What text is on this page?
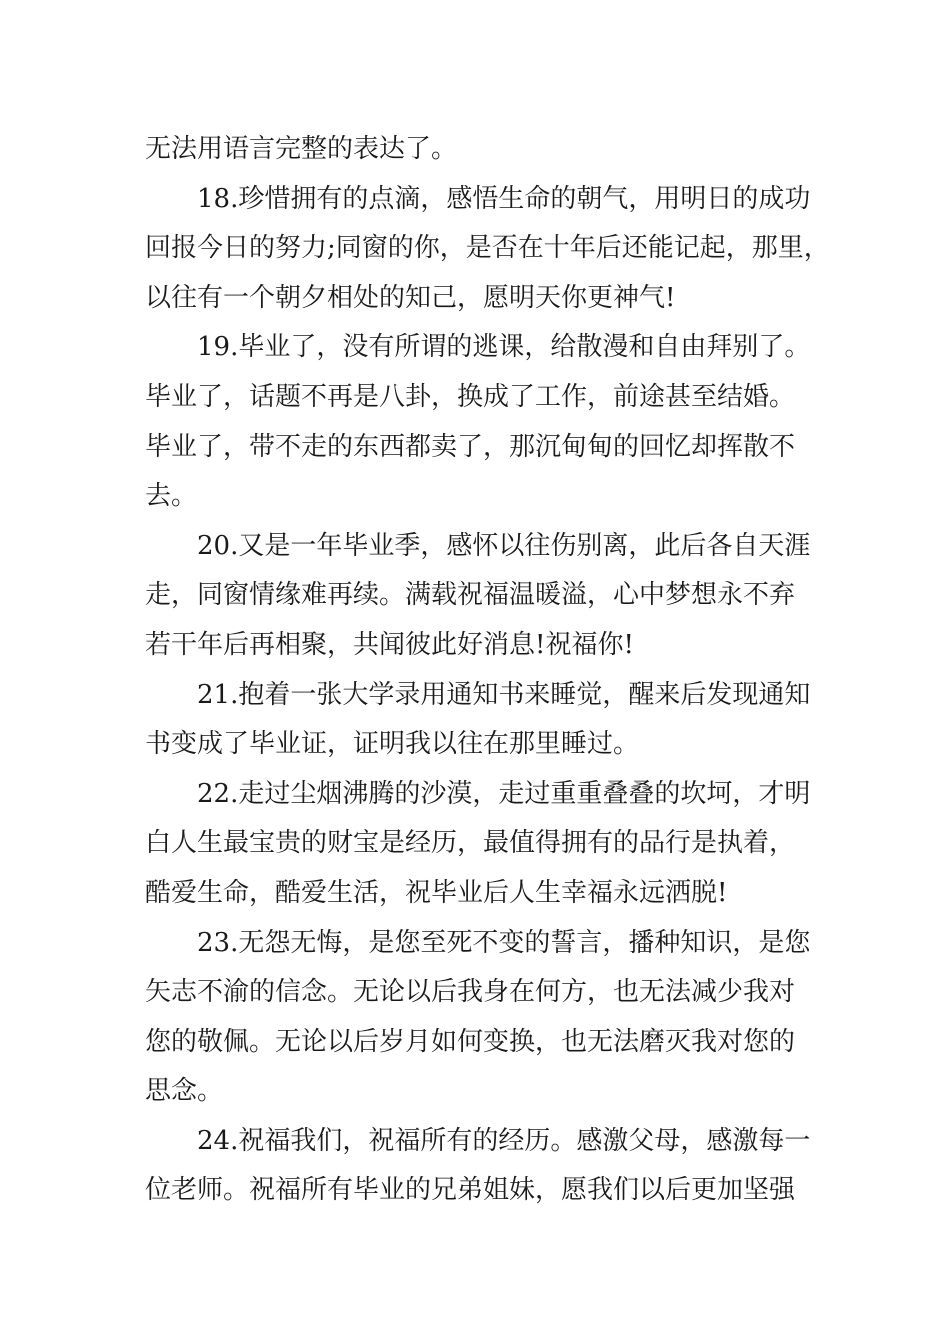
无法用语言完整的表达了。

18.珍惜拥有的点滴，感悟生命的朝气，用明日的成功
回报今日的努力;同窗的你，是否在十年后还能记起，那里，
以往有一个朝夕相处的知己，愿明天你更神气!

19.毕业了，没有所谓的逃课，给散漫和自由拜别了。
毕业了，话题不再是八卦，换成了工作，前途甚至结婚。
毕业了，带不走的东西都卖了，那沉甸甸的回忆却挥散不
去。

20.又是一年毕业季，感怀以往伤别离，此后各自天涯
走，同窗情缘难再续。满载祝福温暖溢，心中梦想永不弃
若干年后再相聚，共闻彼此好消息!祝福你!

21.抱着一张大学录用通知书来睡觉，醒来后发现通知
书变成了毕业证，证明我以往在那里睡过。

22.走过尘烟沸腾的沙漠，走过重重叠叠的坎坷，才明
白人生最宝贵的财宝是经历，最值得拥有的品行是执着，
酷爱生命，酷爱生活，祝毕业后人生幸福永远洒脱!

23.无怨无悔，是您至死不变的誓言，播种知识，是您
矢志不渝的信念。无论以后我身在何方，也无法减少我对
您的敬佩。无论以后岁月如何变换，也无法磨灭我对您的
思念。

24.祝福我们，祝福所有的经历。感激父母，感激每一
位老师。祝福所有毕业的兄弟姐妹，愿我们以后更加坚强
